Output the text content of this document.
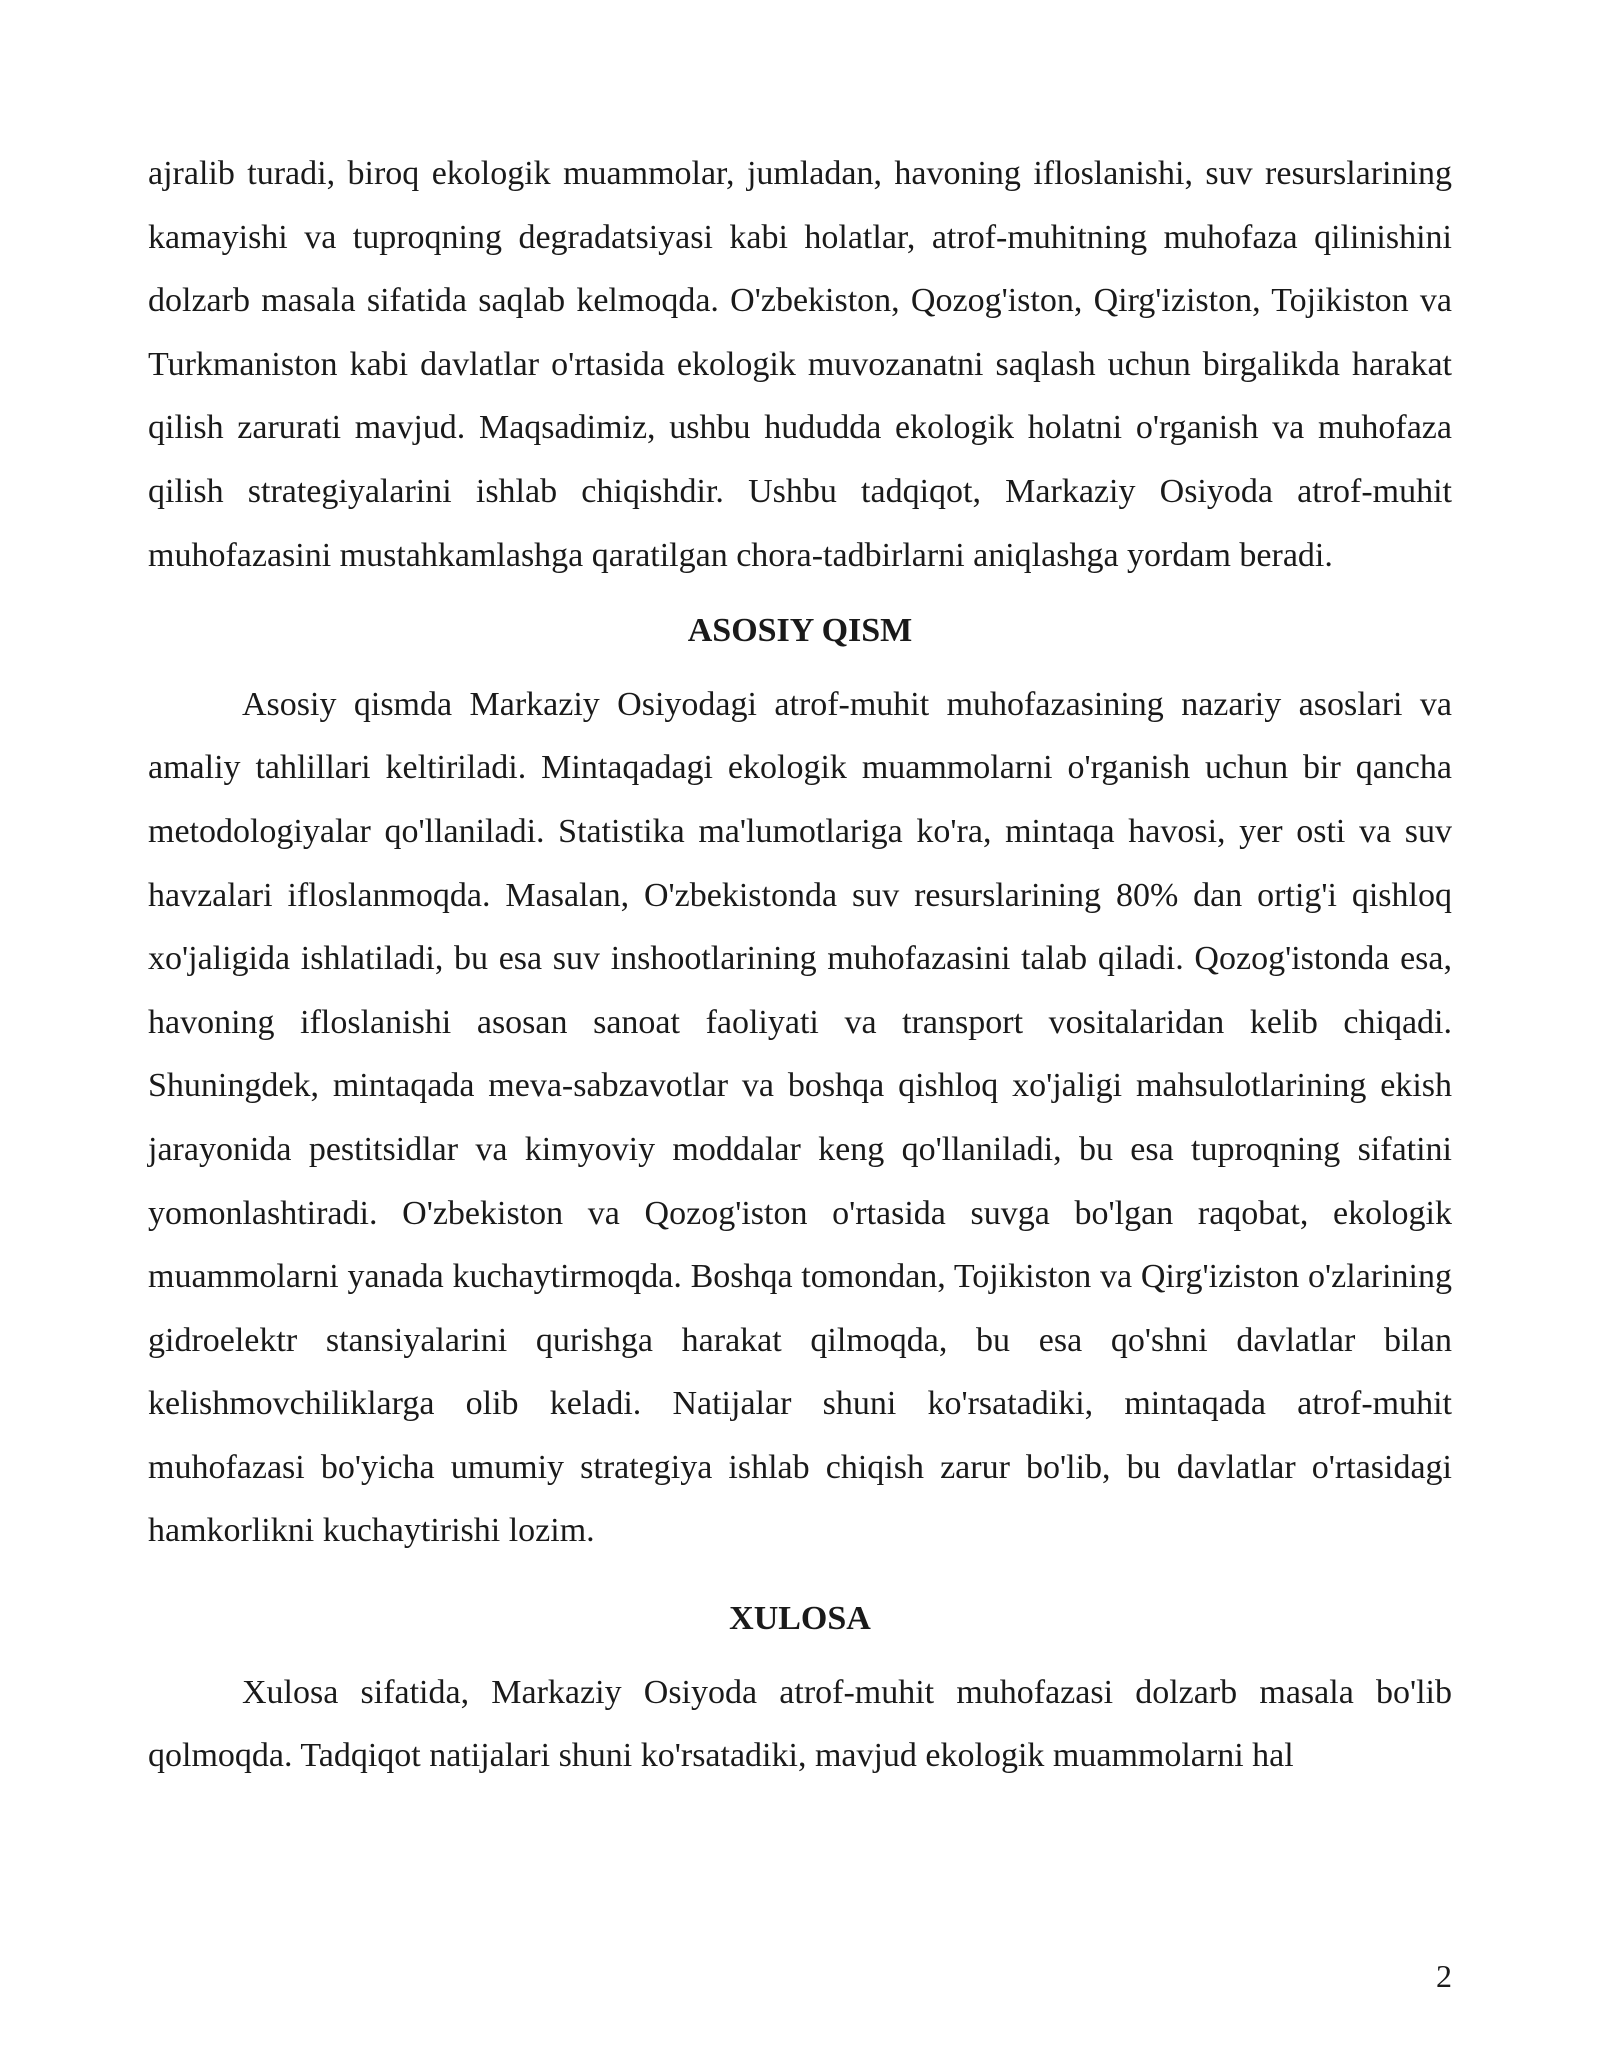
ajralib turadi, biroq ekologik muammolar, jumladan, havoning ifloslanishi, suv resurslarining kamayishi va tuproqning degradatsiyasi kabi holatlar, atrof-muhitning muhofaza qilinishini dolzarb masala sifatida saqlab kelmoqda. O'zbekiston, Qozog'iston, Qirg'iziston, Tojikiston va Turkmaniston kabi davlatlar o'rtasida ekologik muvozanatni saqlash uchun birgalikda harakat qilish zarurati mavjud. Maqsadimiz, ushbu hududda ekologik holatni o'rganish va muhofaza qilish strategiyalarini ishlab chiqishdir. Ushbu tadqiqot, Markaziy Osiyoda atrof-muhit muhofazasini mustahkamlashga qaratilgan chora-tadbirlarni aniqlashga yordam beradi.

ASOSIY QISM

Asosiy qismda Markaziy Osiyodagi atrof-muhit muhofazasining nazariy asoslari va amaliy tahlillari keltiriladi. Mintaqadagi ekologik muammolarni o'rganish uchun bir qancha metodologiyalar qo'llaniladi. Statistika ma'lumotlariga ko'ra, mintaqa havosi, yer osti va suv havzalari ifloslanmoqda. Masalan, O'zbekistonda suv resurslarining 80% dan ortig'i qishloq xo'jaligida ishlatiladi, bu esa suv inshootlarining muhofazasini talab qiladi. Qozog'istonda esa, havoning ifloslanishi asosan sanoat faoliyati va transport vositalaridan kelib chiqadi. Shuningdek, mintaqada meva-sabzavotlar va boshqa qishloq xo'jaligi mahsulotlarining ekish jarayonida pestitsidlar va kimyoviy moddalar keng qo'llaniladi, bu esa tuproqning sifatini yomonlashtiradi. O'zbekiston va Qozog'iston o'rtasida suvga bo'lgan raqobat, ekologik muammolarni yanada kuchaytirmoqda. Boshqa tomondan, Tojikiston va Qirg'iziston o'zlarining gidroelektr stansiyalarini qurishga harakat qilmoqda, bu esa qo'shni davlatlar bilan kelishmovchiliklarga olib keladi. Natijalar shuni ko'rsatadiki, mintaqada atrof-muhit muhofazasi bo'yicha umumiy strategiya ishlab chiqish zarur bo'lib, bu davlatlar o'rtasidagi hamkorlikni kuchaytirishi lozim.

XULOSA

Xulosa sifatida, Markaziy Osiyoda atrof-muhit muhofazasi dolzarb masala bo'lib qolmoqda. Tadqiqot natijalari shuni ko'rsatadiki, mavjud ekologik muammolarni hal

2
